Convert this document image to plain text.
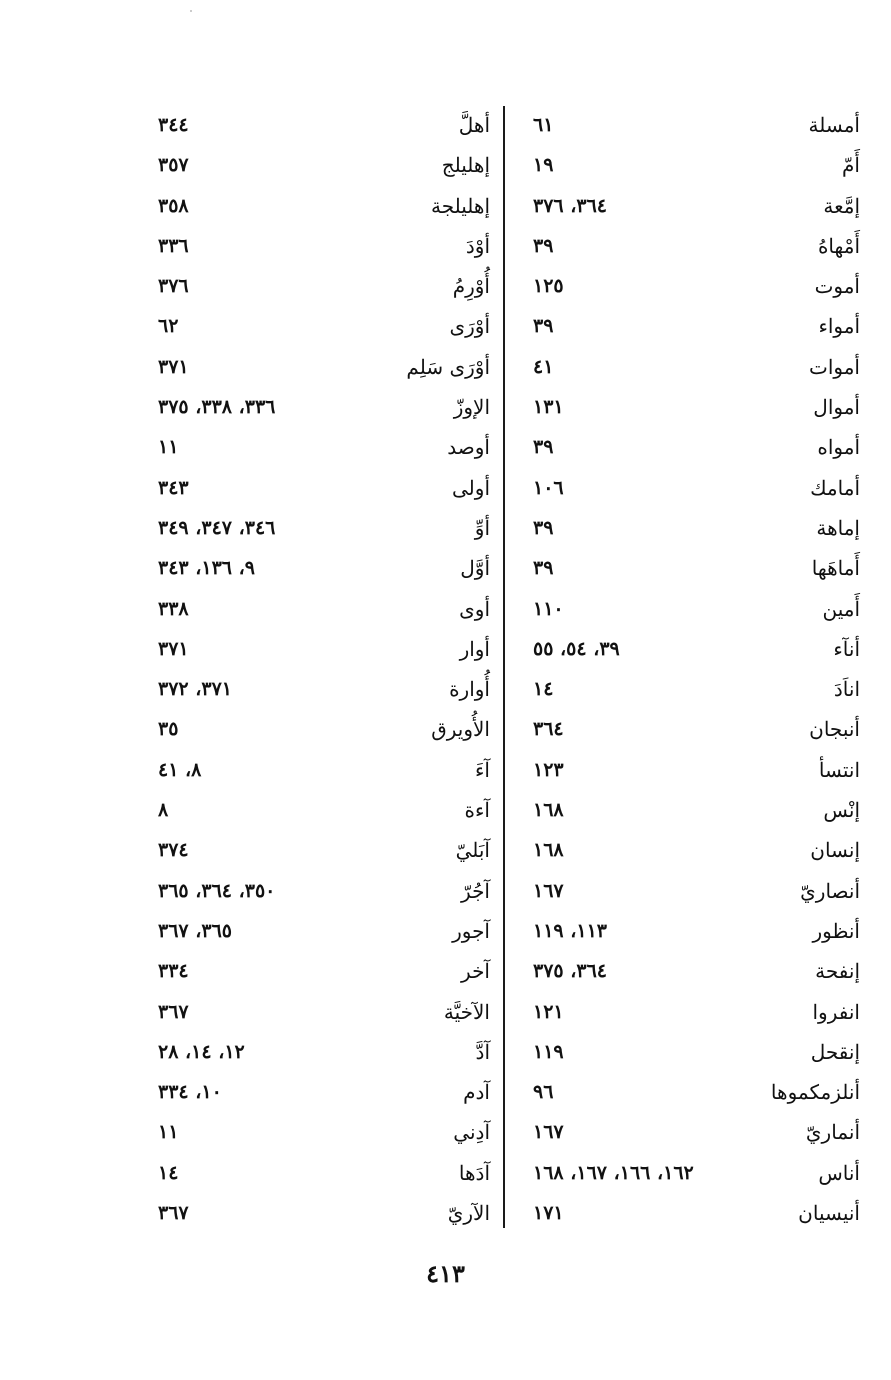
أمسلة
٦١
أَمّ
١٩
إمَّعة
٣٦٤، ٣٧٦
أَمْهاهُ
٣٩
أموت
١٢٥
أمواء
٣٩
أموات
٤١
أموال
١٣١
أمواه
٣٩
أمامك
١٠٦
إماهة
٣٩
أَماهَها
٣٩
أَمين
١١٠
أنآء
٣٩، ٥٤، ٥٥
اناَدَ
١٤
أنبجان
٣٦٤
انتسأ
١٢٣
إنْس
١٦٨
إنسان
١٦٨
أنصاريّ
١٦٧
أنظور
١١٣، ١١٩
إنفحة
٣٦٤، ٣٧٥
انفروا
١٢١
إنقحل
١١٩
أنلزمكموها
٩٦
أنماريّ
١٦٧
أناس
١٦٢، ١٦٦، ١٦٧، ١٦٨
أنيسيان
١٧١
أهلَّ
٣٤٤
إهليلج
٣٥٧
إهليلجة
٣٥٨
أوْدَ
٣٣٦
أُوْرِمُ
٣٧٦
أوْرَى
٦٢
أوْرَى سَلِم
٣٧١
الإوزّ
٣٣٦، ٣٣٨، ٣٧٥
أوصد
١١
أولى
٣٤٣
أوِّ
٣٤٦، ٣٤٧، ٣٤٩
أوَّل
٩، ١٣٦، ٣٤٣
أوى
٣٣٨
أوار
٣٧١
أُوارة
٣٧١، ٣٧٢
الأُويرق
٣٥
آءَ
٨، ٤١
آءة
٨
آبَليّ
٣٧٤
آجُرّ
٣٥٠، ٣٦٤، ٣٦٥
آجور
٣٦٥، ٣٦٧
آخر
٣٣٤
الآخيَّة
٣٦٧
آدَّ
١٢، ١٤، ٢٨
آدم
١٠، ٣٣٤
آدِني
١١
آدَها
١٤
الآريّ
٣٦٧
٤١٣
